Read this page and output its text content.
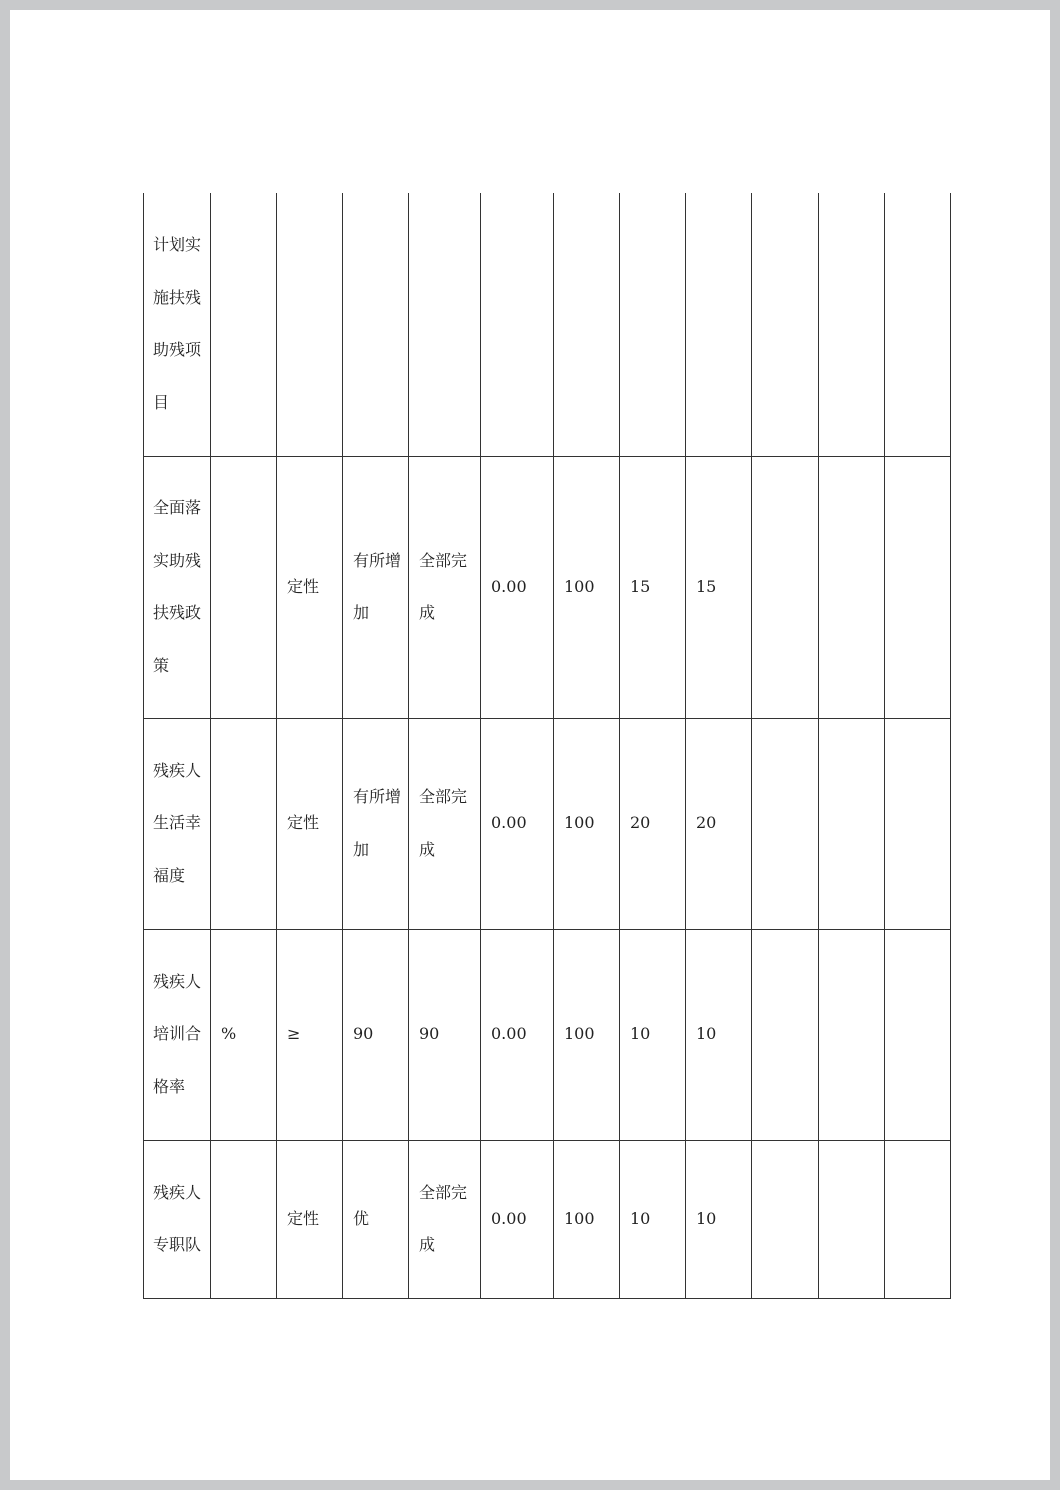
计划实施扶残助残项目											
全面落实助残扶残政策		定性	有所增加	全部完成	0.00	100	15	15			
残疾人生活幸福度		定性	有所增加	全部完成	0.00	100	20	20			
残疾人培训合格率	%	≥	90	90	0.00	100	10	10			
残疾人专职队		定性	优	全部完成	0.00	100	10	10			
